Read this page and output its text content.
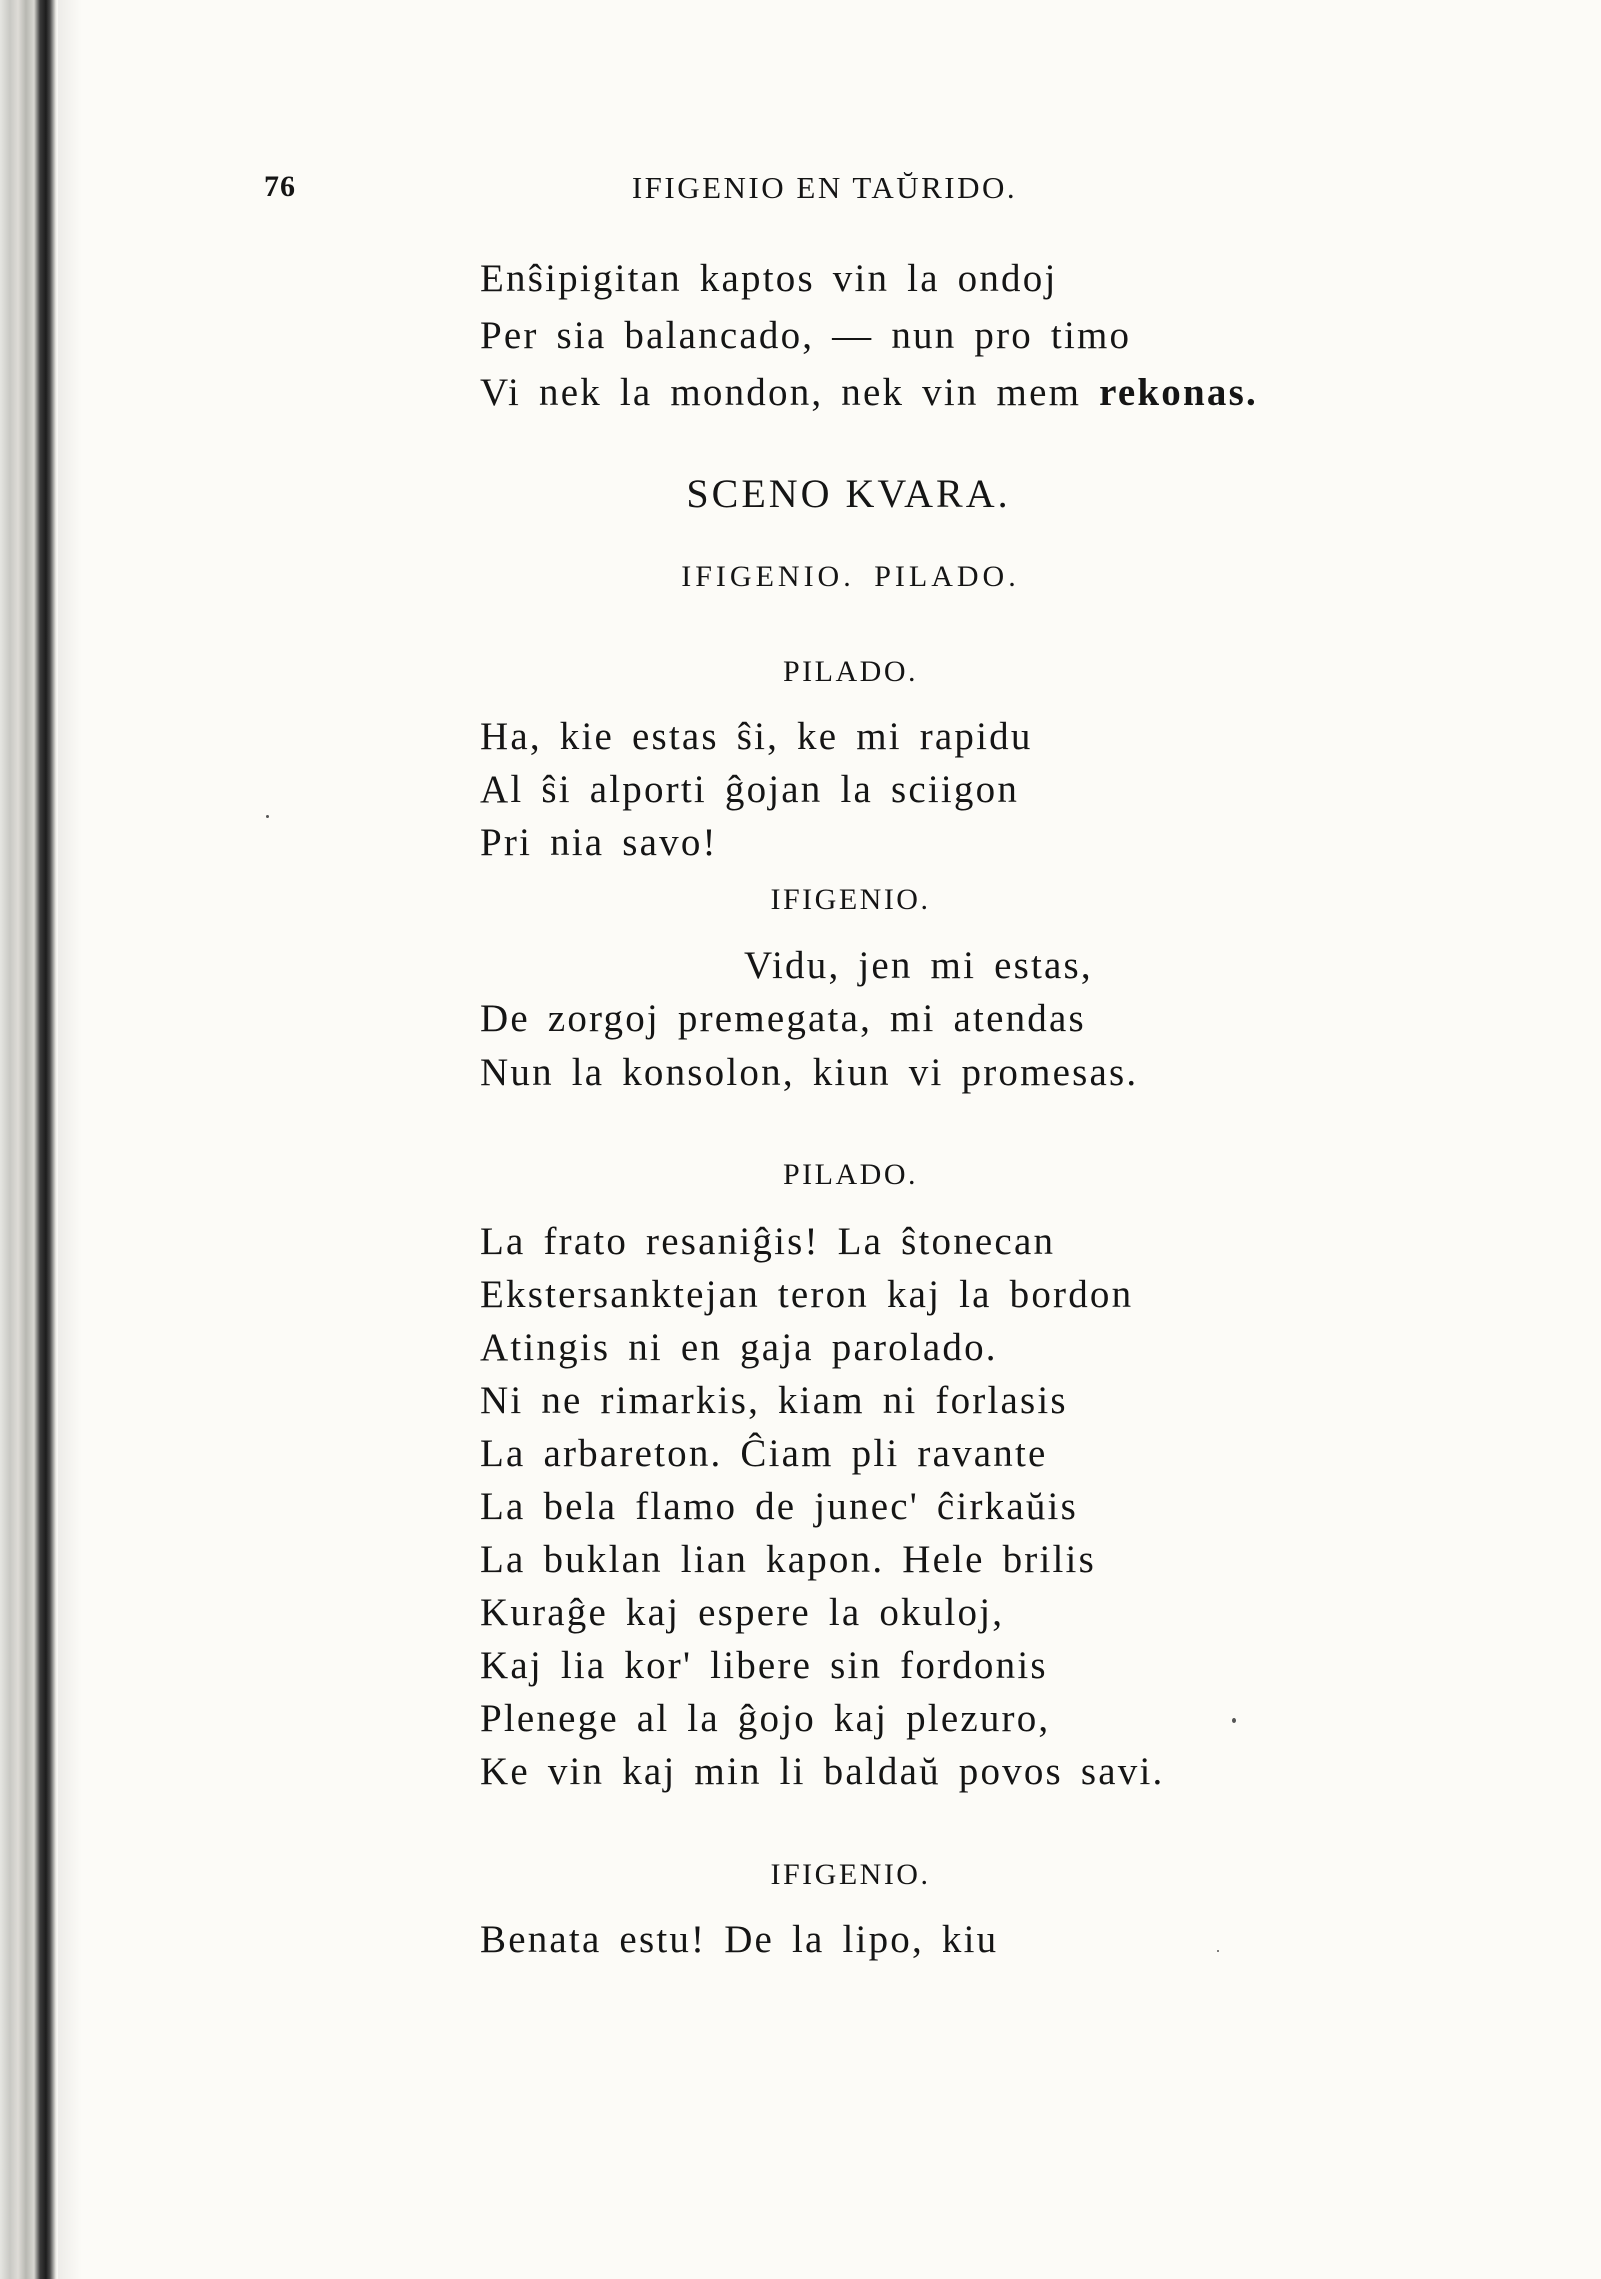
76	IFIGENIO EN TAŬRIDO.
Enŝipigitan kaptos vin la ondoj
Per sia balancado, — nun pro timo
Vi nek la mondon, nek vin mem rekonas.
SCENO KVARA.
IFIGENIO. PILADO.
PILADO.
Ha, kie estas ŝi, ke mi rapidu
Al ŝi alporti ĝojan la sciigon
Pri nia savo!
IFIGENIO.
Vidu, jen mi estas,
De zorgoj premegata, mi atendas
Nun la konsolon, kiun vi promesas.
PILADO.
La frato resaniĝis! La ŝtonecan
Ekstersanktejan teron kaj la bordon
Atingis ni en gaja parolado.
Ni ne rimarkis, kiam ni forlasis
La arbareton. Ĉiam pli ravante
La bela flamo de junec' ĉirkaŭis
La buklan lian kapon. Hele brilis
Kuraĝe kaj espere la okuloj,
Kaj lia kor' libere sin fordonis
Plenege al la ĝojo kaj plezuro,
Ke vin kaj min li baldaŭ povos savi.
IFIGENIO.
Benata estu! De la lipo, kiu
